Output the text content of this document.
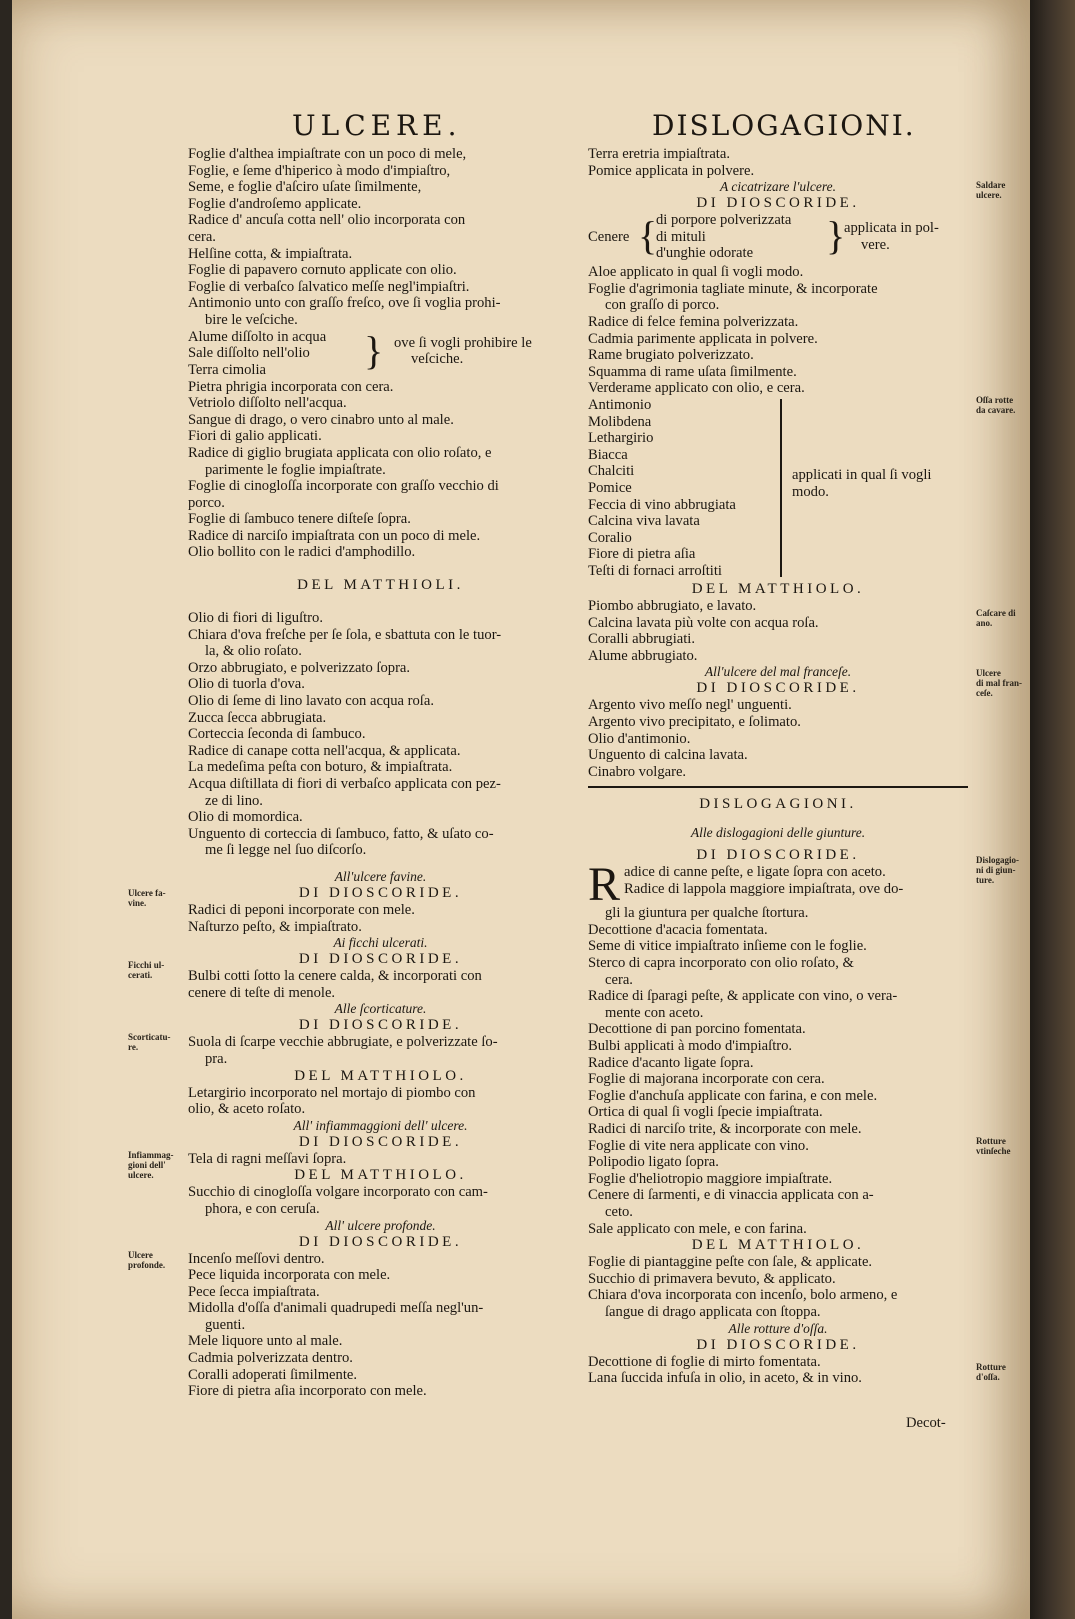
ULCERE.	DISLOGAGIONI.
Foglie d'althea impiaſtrate con un poco di mele,
Foglie, e ſeme d'hiperico à modo d'impiaſtro,
Seme, e foglie d'aſciro uſate ſimilmente,
Foglie d'androſemo applicate.
Radice d' ancuſa cotta nell' olio incorporata con
cera.
Helſine cotta, & impiaſtrata.
Foglie di papavero cornuto applicate con olio.
Foglie di verbaſco ſalvatico meſſe negl'impiaſtri.
Antimonio unto con graſſo freſco, ove ſi voglia prohi-
bire le veſciche.
Alume diſſolto in acqua
Sale diſſolto nell'olio
Terra cimolia	} ove ſi vogli prohibire le
veſciche.
Pietra phrigia incorporata con cera.
Vetriolo diſſolto nell'acqua.
Sangue di drago, o vero cinabro unto al male.
Fiori di galio applicati.
Radice di giglio brugiata applicata con olio roſato, e
parimente le foglie impiaſtrate.
Foglie di cinogloſſa incorporate con graſſo vecchio di
porco.
Foglie di ſambuco tenere diſteſe ſopra.
Radice di narciſo impiaſtrata con un poco di mele.
Olio bollito con le radici d'amphodillo.
DEL MATTHIOLI.
Olio di fiori di liguſtro.
Chiara d'ova freſche per ſe ſola, e sbattuta con le tuor-
la, & olio roſato.
Orzo abbrugiato, e polverizzato ſopra.
Olio di tuorla d'ova.
Olio di ſeme di lino lavato con acqua roſa.
Zucca ſecca abbrugiata.
Corteccia ſeconda di ſambuco.
Radice di canape cotta nell'acqua, & applicata.
La medeſima peſta con boturo, & impiaſtrata.
Acqua diſtillata di fiori di verbaſco applicata con pez-
ze di lino.
Olio di momordica.
Unguento di corteccia di ſambuco, fatto, & uſato co-
me ſi legge nel ſuo diſcorſo.
All'ulcere favine.
DI DIOSCORIDE.
Radici di peponi incorporate con mele.
Naſturzo peſto, & impiaſtrato.
Ai ficchi ulcerati.
DI DIOSCORIDE.
Bulbi cotti ſotto la cenere calda, & incorporati con
cenere di teſte di menole.
Alle ſcorticature.
DI DIOSCORIDE.
Suola di ſcarpe vecchie abbrugiate, e polverizzate ſo-
pra.
DEL MATTHIOLO.
Letargirio incorporato nel mortajo di piombo con
olio, & aceto roſato.
All' infiammaggioni dell' ulcere.
DI DIOSCORIDE.
Tela di ragni meſſavi ſopra.
DEL MATTHIOLO.
Succhio di cinogloſſa volgare incorporato con cam-
phora, e con ceruſa.
All' ulcere profonde.
DI DIOSCORIDE.
Incenſo meſſovi dentro.
Pece liquida incorporata con mele.
Pece ſecca impiaſtrata.
Midolla d'oſſa d'animali quadrupedi meſſa negl'un-
guenti.
Mele liquore unto al male.
Cadmia polverizzata dentro.
Coralli adoperati ſimilmente.
Fiore di pietra aſia incorporato con mele.
Terra eretria impiaſtrata.
Pomice applicata in polvere.
A cicatrizare l'ulcere.
DI DIOSCORIDE.
Cenere {
di porpore polverizzata
di mituli
d'unghie odorate	}
applicata in pol-
vere.
Aloe applicato in qual ſi vogli modo.
Foglie d'agrimonia tagliate minute, & incorporate
con graſſo di porco.
Radice di felce femina polverizzata.
Cadmia parimente applicata in polvere.
Rame brugiato polverizzato.
Squamma di rame uſata ſimilmente.
Verderame applicato con olio, e cera.
Antimonio
Molibdena
Lethargirio
Biacca
Chalciti
Pomice
Feccia di vino abbrugiata
Calcina viva lavata
Coralio
Fiore di pietra aſia
Teſti di fornaci arroſtiti
applicati in qual ſi vogli
modo.
DEL MATTHIOLO.
Piombo abbrugiato, e lavato.
Calcina lavata più volte con acqua roſa.
Coralli abbrugiati.
Alume abbrugiato.
All'ulcere del mal franceſe.
DI DIOSCORIDE.
Argento vivo meſſo negl' unguenti.
Argento vivo precipitato, e ſolimato.
Olio d'antimonio.
Unguento di calcina lavata.
Cinabro volgare.
DISLOGAGIONI.
Alle dislogagioni delle giunture.
DI DIOSCORIDE.
R adice di canne peſte, e ligate ſopra con aceto.
Radice di lappola maggiore impiaſtrata, ove do-
gli la giuntura per qualche ſtortura.
Decottione d'acacia fomentata.
Seme di vitice impiaſtrato inſieme con le foglie.
Sterco di capra incorporato con olio roſato, &
cera.
Radice di ſparagi peſte, & applicate con vino, o vera-
mente con aceto.
Decottione di pan porcino fomentata.
Bulbi applicati à modo d'impiaſtro.
Radice d'acanto ligate ſopra.
Foglie di majorana incorporate con cera.
Foglie d'anchuſa applicate con farina, e con mele.
Ortica di qual ſi vogli ſpecie impiaſtrata.
Radici di narciſo trite, & incorporate con mele.
Foglie di vite nera applicate con vino.
Polipodio ligato ſopra.
Foglie d'heliotropio maggiore impiaſtrate.
Cenere di ſarmenti, e di vinaccia applicata con a-
ceto.
Sale applicato con mele, e con farina.
DEL MATTHIOLO.
Foglie di piantaggine peſte con ſale, & applicate.
Succhio di primavera bevuto, & applicato.
Chiara d'ova incorporata con incenſo, bolo armeno, e
ſangue di drago applicata con ſtoppa.
Alle rotture d'oſſa.
DI DIOSCORIDE.
Decottione di foglie di mirto fomentata.
Lana ſuccida infuſa in olio, in aceto, & in vino.
Decot-
Ulcere fa-
vine.
Ficchi ul-
cerati.
Scorticatu-
re.
Infiammag-
gioni dell'
ulcere.
Ulcere
profonde.
Saldare
ulcere.
Oſſa rotte
da cavare.
Caſcare di
ano.
Ulcere
di mal fran-
ceſe.
Dislogagio-
ni di giun-
ture.
Rotture
vtinſeche
Rotture
d'oſſa.
